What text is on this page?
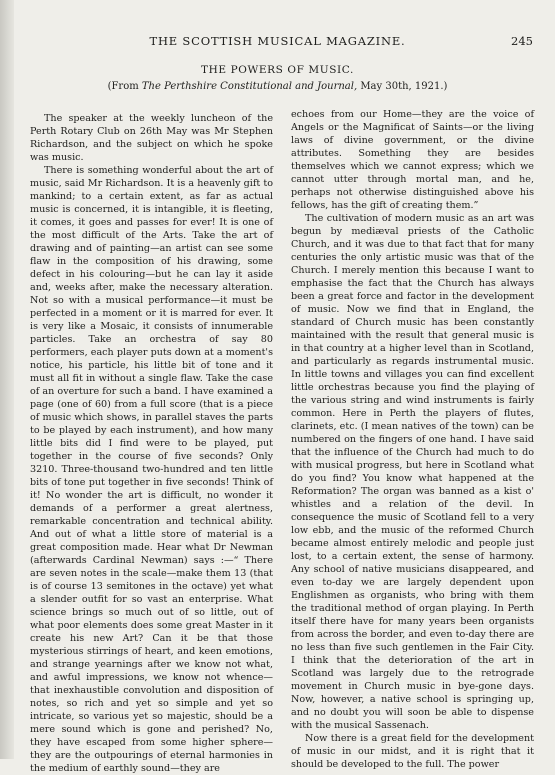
THE SCOTTISH MUSICAL MAGAZINE.	245
THE POWERS OF MUSIC.
(From The Perthshire Constitutional and Journal, May 30th, 1921.)

The speaker at the weekly luncheon of the Perth Rotary Club on 26th May was Mr Stephen Richardson, and the subject on which he spoke was music.

There is something wonderful about the art of music, said Mr Richardson. It is a heavenly gift to mankind; to a certain extent, as far as actual music is concerned, it is intangible, it is fleeting, it comes, it goes and passes for ever! It is one of the most difficult of the Arts. Take the art of drawing and of painting—an artist can see some flaw in the composition of his drawing, some defect in his colouring—but he can lay it aside and, weeks after, make the necessary alteration. Not so with a musical performance—it must be perfected in a moment or it is marred for ever. It is very like a Mosaic, it consists of innumerable particles. Take an orchestra of say 80 performers, each player puts down at a moment's notice, his particle, his little bit of tone and it must all fit in without a single flaw. Take the case of an overture for such a band. I have examined a page (one of 60) from a full score (that is a piece of music which shows, in parallel staves the parts to be played by each instrument), and how many little bits did I find were to be played, put together in the course of five seconds? Only 3210. Three-thousand two-hundred and ten little bits of tone put together in five seconds! Think of it! No wonder the art is difficult, no wonder it demands of a performer a great alertness, remarkable concentration and technical ability. And out of what a little store of material is a great composition made. Hear what Dr Newman (afterwards Cardinal Newman) says :—“ There are seven notes in the scale—make them 13 (that is of course 13 semitones in the octave) yet what a slender outfit for so vast an enterprise. What science brings so much out of so little, out of what poor elements does some great Master in it create his new Art? Can it be that those mysterious stirrings of heart, and keen emotions, and strange yearnings after we know not what, and awful impressions, we know not whence—that inexhaustible convolution and disposition of notes, so rich and yet so simple and yet so intricate, so various yet so majestic, should be a mere sound which is gone and perished? No, they have escaped from some higher sphere—they are the outpourings of eternal harmonies in the medium of earthly sound—they are

echoes from our Home—they are the voice of Angels or the Magnificat of Saints—or the living laws of divine government, or the divine attributes. Something they are besides themselves which we cannot express; which we cannot utter through mortal man, and he, perhaps not otherwise distinguished above his fellows, has the gift of creating them.”

The cultivation of modern music as an art was begun by mediæval priests of the Catholic Church, and it was due to that fact that for many centuries the only artistic music was that of the Church. I merely mention this because I want to emphasise the fact that the Church has always been a great force and factor in the development of music. Now we find that in England, the standard of Church music has been constantly maintained with the result that general music is in that country at a higher level than in Scotland, and particularly as regards instrumental music. In little towns and villages you can find excellent little orchestras because you find the playing of the various string and wind instruments is fairly common. Here in Perth the players of flutes, clarinets, etc. (I mean natives of the town) can be numbered on the fingers of one hand. I have said that the influence of the Church had much to do with musical progress, but here in Scotland what do you find? You know what happened at the Reformation? The organ was banned as a kist o' whistles and a relation of the devil. In consequence the music of Scotland fell to a very low ebb, and the music of the reformed Church became almost entirely melodic and people just lost, to a certain extent, the sense of harmony. Any school of native musicians disappeared, and even to-day we are largely dependent upon Englishmen as organists, who bring with them the traditional method of organ playing. In Perth itself there have for many years been organists from across the border, and even to-day there are no less than five such gentlemen in the Fair City. I think that the deterioration of the art in Scotland was largely due to the retrograde movement in Church music in bye-gone days. Now, however, a native school is springing up, and no doubt you will soon be able to dispense with the musical Sassenach.

Now there is a great field for the development of music in our midst, and it is right that it should be developed to the full. The power
